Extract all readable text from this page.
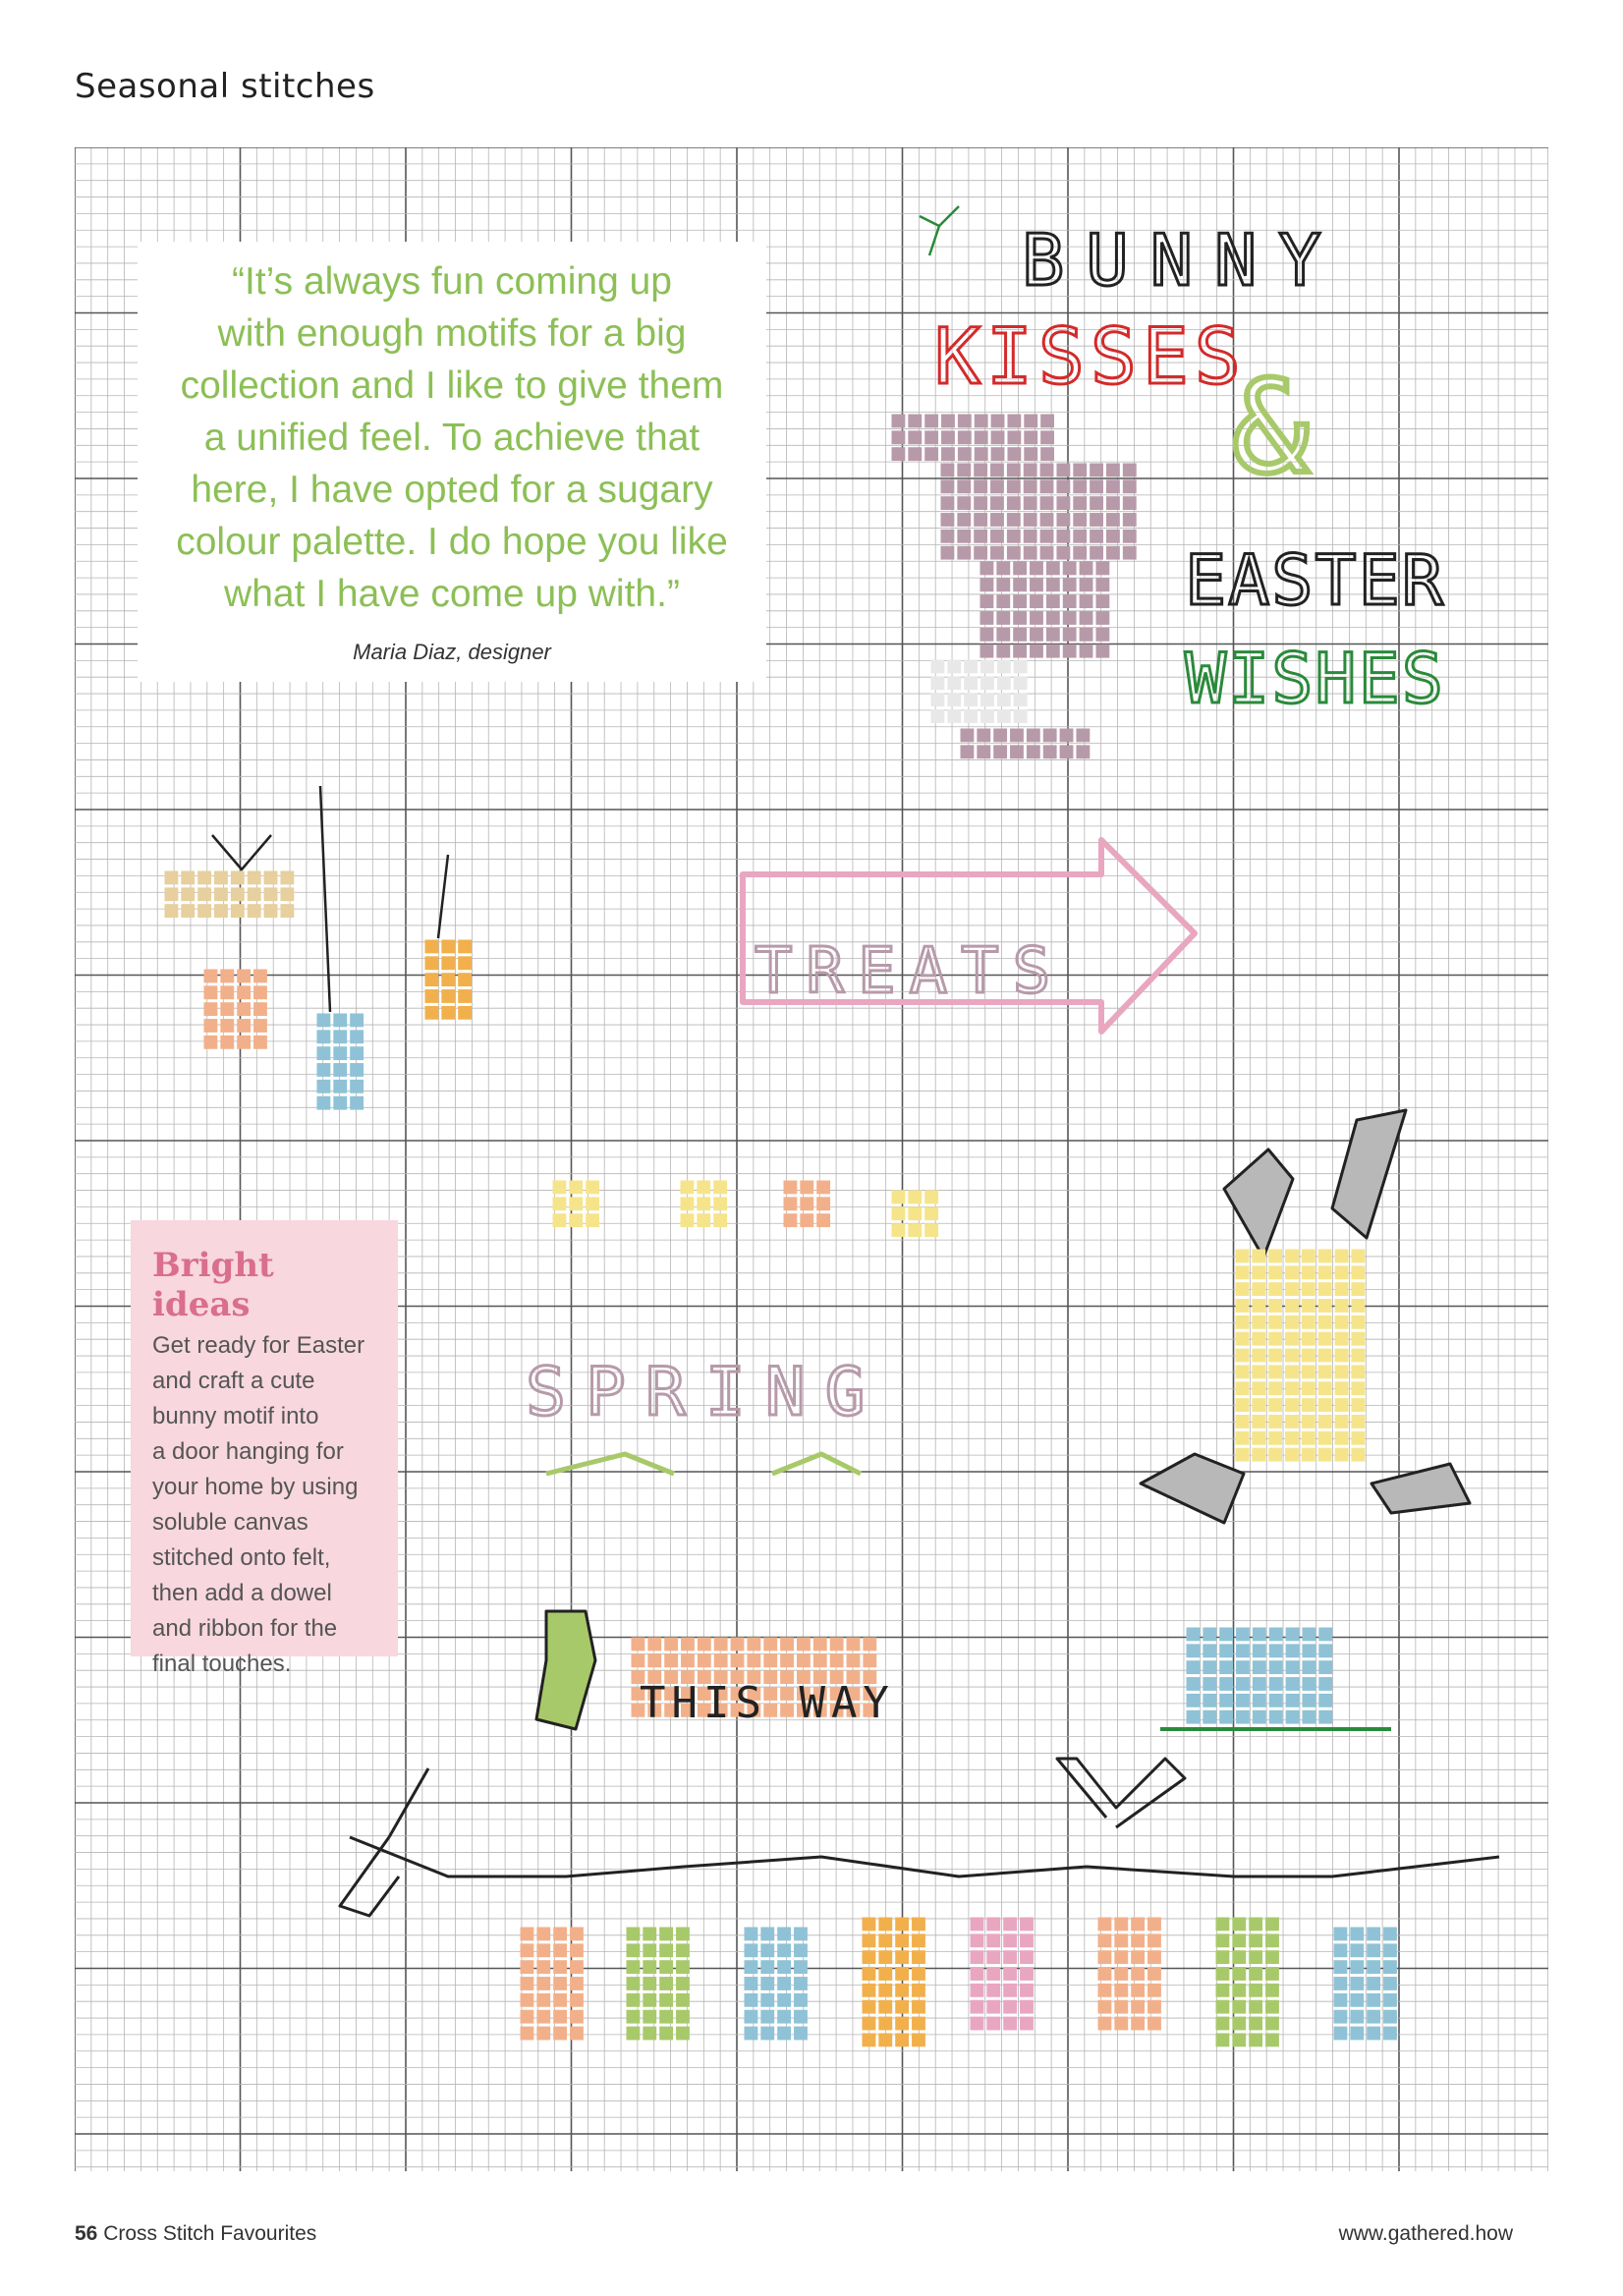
Seasonal stitches
BUNNY
KISSES
&
EASTER
WISHES
TREATS
SPRING
THIS WAY
“It’s always fun coming up
with enough motifs for a big
collection and I like to give them
a unified feel. To achieve that
here, I have opted for a sugary
colour palette. I do hope you like
what I have come up with.”
Maria Diaz, designer
Bright ideas
Get ready for Easter
and craft a cute
bunny motif into
a door hanging for
your home by using
soluble canvas
stitched onto felt,
then add a dowel
and ribbon for the
final touches.
56 Cross Stitch Favourites	www.gathered.how
